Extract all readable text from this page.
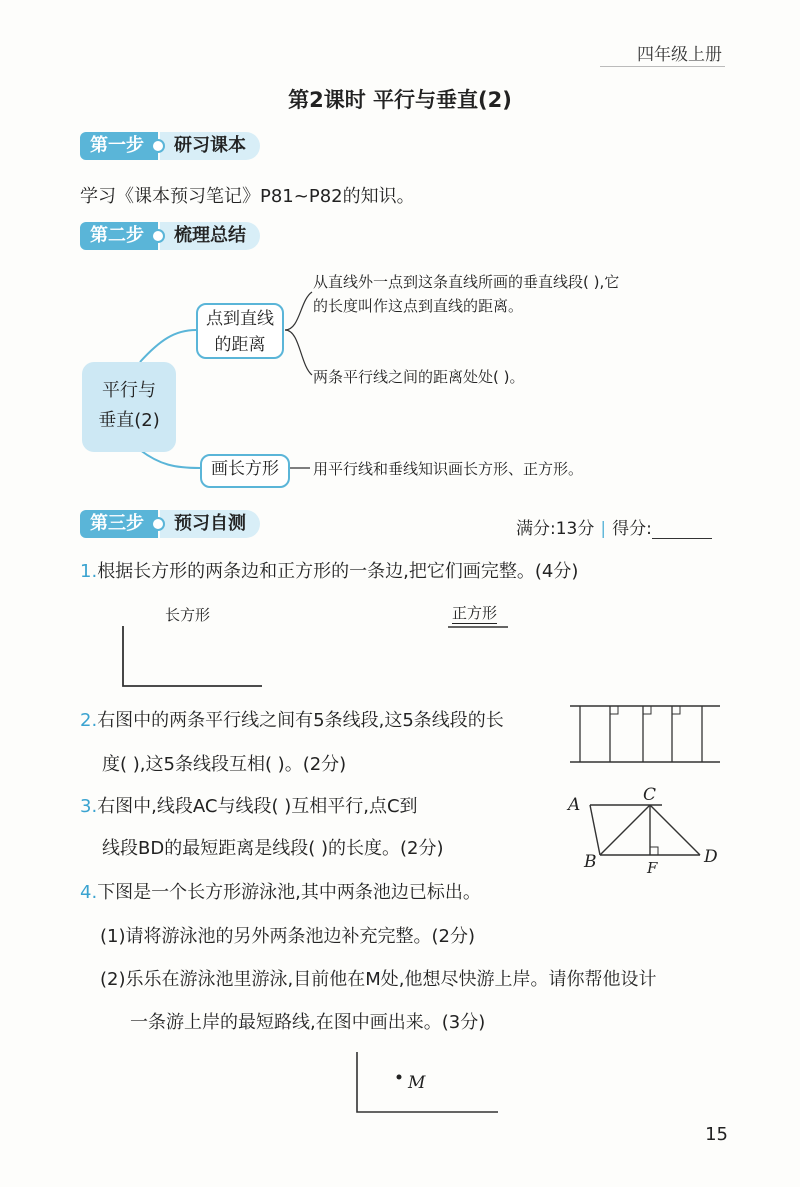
四年级上册
第2课时 平行与垂直(2)
第一步	研习课本
学习《课本预习笔记》P81~P82的知识。
第二步	梳理总结
平行与
垂直(2)
点到直线
的距离
从直线外一点到这条直线所画的垂直线段( ),它
的长度叫作这点到直线的距离。
两条平行线之间的距离处处( )。
画长方形	用平行线和垂线知识画长方形、正方形。
第三步	预习自测	满分:13分 | 得分:
1.根据长方形的两条边和正方形的一条边,把它们画完整。(4分)
长方形	正方形
2.右图中的两条平行线之间有5条线段,这5条线段的长
度( ),这5条线段互相( )。(2分)
3.右图中,线段AC与线段( )互相平行,点C到
线段BD的最短距离是线段( )的长度。(2分)
A	C
B	D
F
4.下图是一个长方形游泳池,其中两条池边已标出。
(1)请将游泳池的另外两条池边补充完整。(2分)
(2)乐乐在游泳池里游泳,目前他在M处,他想尽快游上岸。请你帮他设计
一条游上岸的最短路线,在图中画出来。(3分)
M
15
